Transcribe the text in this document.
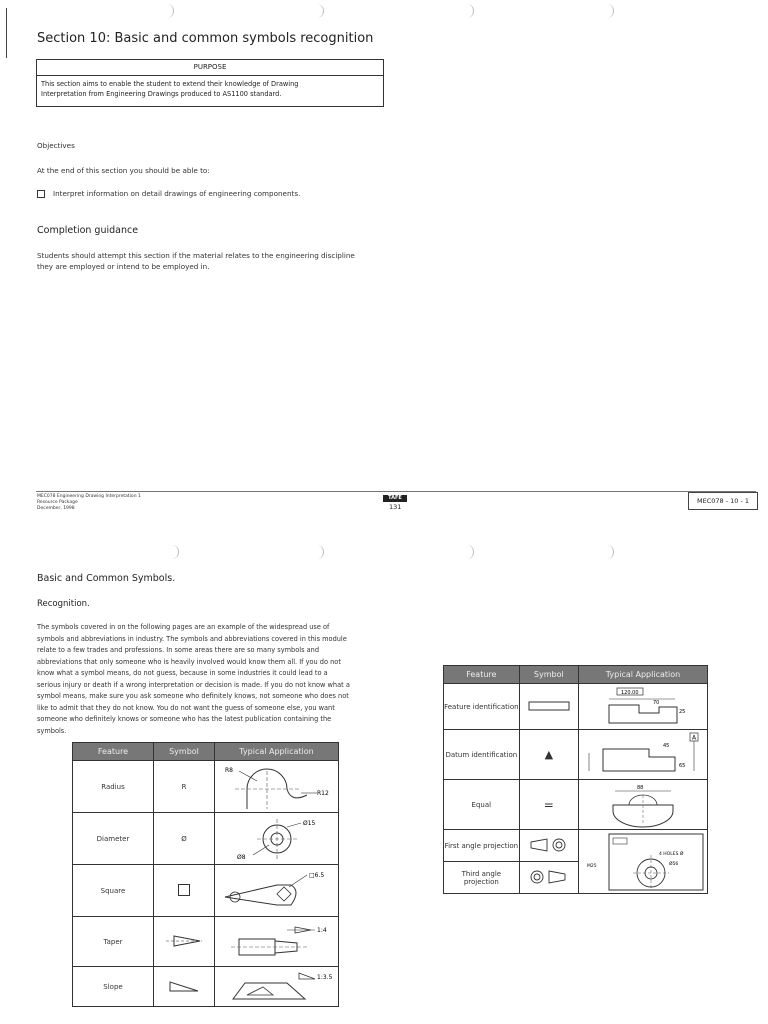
Section 10: Basic and common symbols recognition
PURPOSE
This section aims to enable the student to extend their knowledge of Drawing
Interpretation from Engineering Drawings produced to AS1100 standard.
Objectives
At the end of this section you should be able to:
Interpret information on detail drawings of engineering components.
Completion guidance
Students should attempt this section if the material relates to the engineering discipline
they are employed or intend to be employed in.
MEC078 Engineering Drawing Interpretation 1
Resource Package
December, 1998
TAFE
131
MEC078 - 10 - 1
Basic and Common Symbols.
Recognition.
The symbols covered in on the following pages are an example of the widespread use of
symbols and abbreviations in industry. The symbols and abbreviations covered in this module
relate to a few trades and professions. In some areas there are so many symbols and
abbreviations that only someone who is heavily involved would know them all. If you do not
know what a symbol means, do not guess, because in some industries it could lead to a
serious injury or death if a wrong interpretation or decision is made. If you do not know what a
symbol means, make sure you ask someone who definitely knows, not someone who does not
like to admit that they do not know. You do not want the guess of someone else, you want
someone who definitely knows or someone who has the latest publication containing the
symbols.
Feature	Symbol	Typical Application
Radius	R	R8
R12

Diameter	Ø	Ø15
Ø8

Square		□6.5

Taper		1:4

Slope		1:3.5
Feature	Symbol	Typical Application
Feature identification		120.00
70
25

Datum identification	▲	A
45
65

Equal	=	88

First angle projection		4 HOLES Ø
Ø56
M25

Third angle projection	
